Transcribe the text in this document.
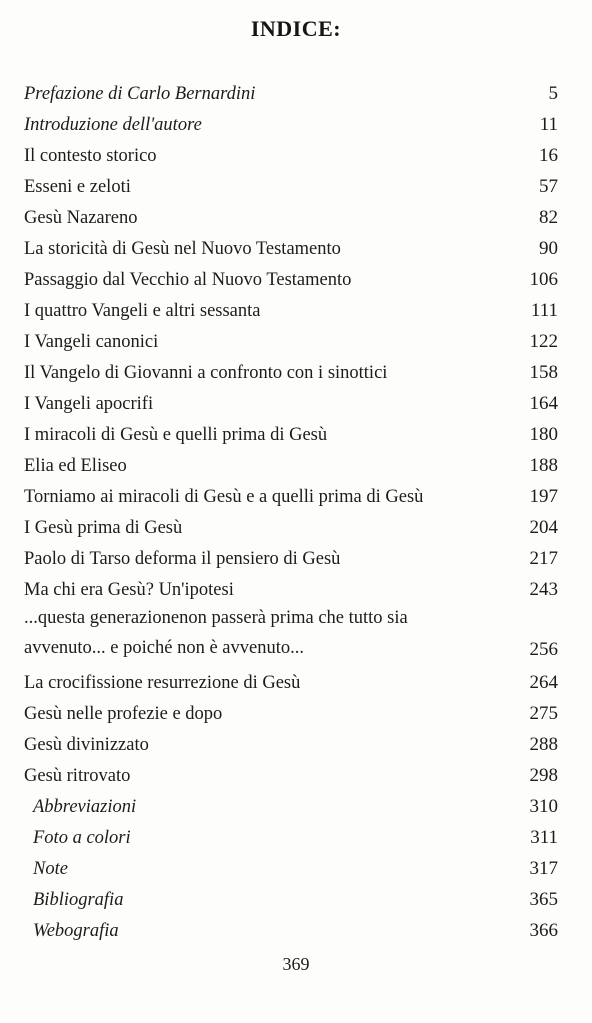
INDICE:
Prefazione di Carlo Bernardini	5
Introduzione dell'autore	11
Il contesto storico	16
Esseni e zeloti	57
Gesù Nazareno	82
La storicità di Gesù nel Nuovo Testamento	90
Passaggio dal Vecchio al Nuovo Testamento	106
I quattro Vangeli e altri sessanta	111
I Vangeli canonici	122
Il Vangelo di Giovanni a confronto con i sinottici	158
I Vangeli apocrifi	164
I miracoli di Gesù e quelli prima di Gesù	180
Elia ed Eliseo	188
Torniamo ai miracoli di Gesù e a quelli prima di Gesù	197
I Gesù prima di Gesù	204
Paolo di Tarso deforma il pensiero di Gesù	217
Ma chi era Gesù? Un'ipotesi	243
...questa generazionenon passerà prima che tutto sia avvenuto... e poiché non è avvenuto...	256
La crocifissione resurrezione di Gesù	264
Gesù nelle profezie e dopo	275
Gesù divinizzato	288
Gesù ritrovato	298
Abbreviazioni	310
Foto a colori	311
Note	317
Bibliografia	365
Webografia	366
369
